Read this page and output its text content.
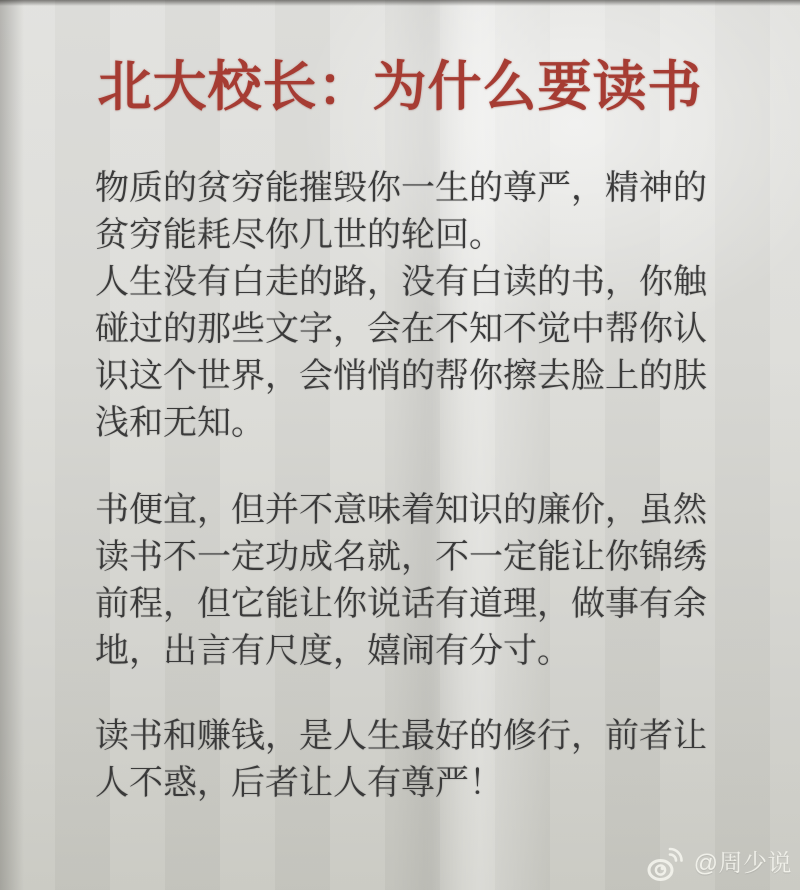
北大校长：为什么要读书

物质的贫穷能摧毁你一生的尊严，精神的
贫穷能耗尽你几世的轮回。

人生没有白走的路，没有白读的书，你触
碰过的那些文字，会在不知不觉中帮你认
识这个世界，会悄悄的帮你擦去脸上的肤
浅和无知。

书便宜，但并不意味着知识的廉价，虽然
读书不一定功成名就，不一定能让你锦绣
前程，但它能让你说话有道理，做事有余
地，出言有尺度，嬉闹有分寸。

读书和赚钱，是人生最好的修行，前者让
人不惑，后者让人有尊严！

@周少说
